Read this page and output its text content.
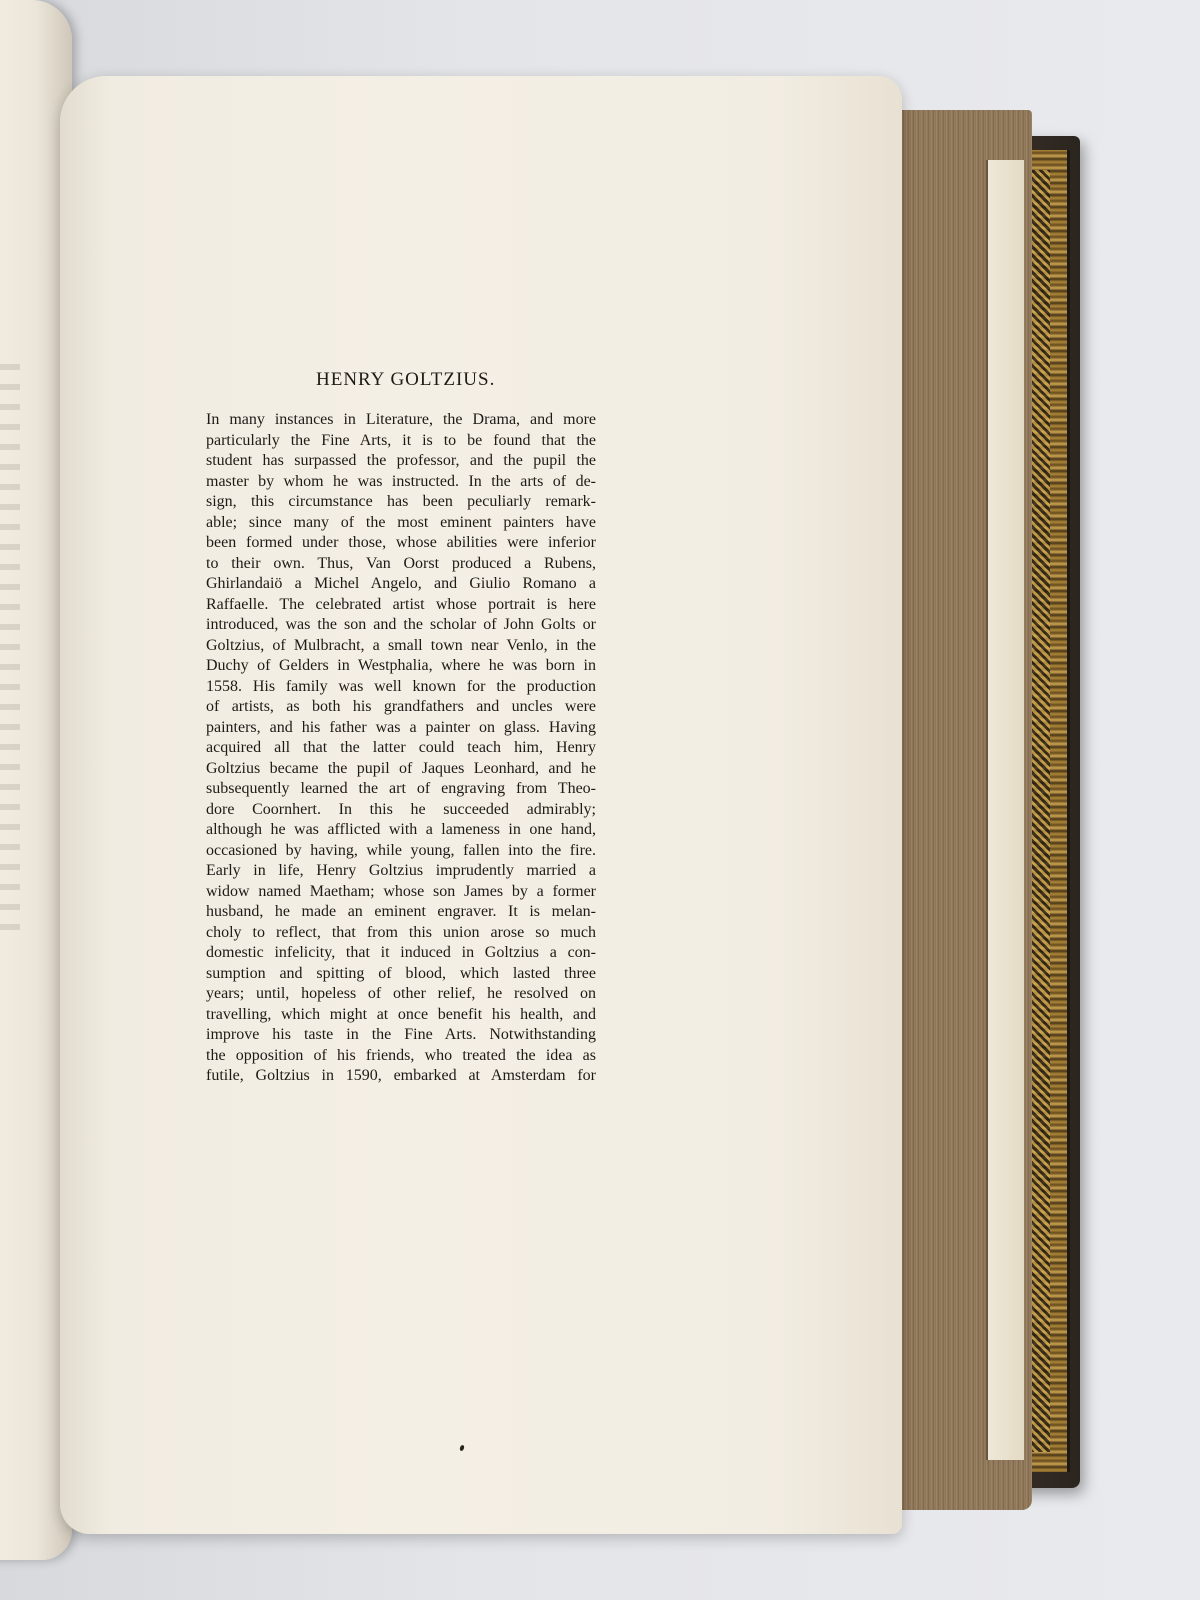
HENRY GOLTZIUS.
In many instances in Literature, the Drama, and more
particularly the Fine Arts, it is to be found that the
student has surpassed the professor, and the pupil the
master by whom he was instructed. In the arts of de-
sign, this circumstance has been peculiarly remark-
able; since many of the most eminent painters have
been formed under those, whose abilities were inferior
to their own. Thus, Van Oorst produced a Rubens,
Ghirlandaiö a Michel Angelo, and Giulio Romano a
Raffaelle. The celebrated artist whose portrait is here
introduced, was the son and the scholar of John Golts or
Goltzius, of Mulbracht, a small town near Venlo, in the
Duchy of Gelders in Westphalia, where he was born in
1558. His family was well known for the production
of artists, as both his grandfathers and uncles were
painters, and his father was a painter on glass. Having
acquired all that the latter could teach him, Henry
Goltzius became the pupil of Jaques Leonhard, and he
subsequently learned the art of engraving from Theo-
dore Coornhert. In this he succeeded admirably;
although he was afflicted with a lameness in one hand,
occasioned by having, while young, fallen into the fire.
Early in life, Henry Goltzius imprudently married a
widow named Maetham; whose son James by a former
husband, he made an eminent engraver. It is melan-
choly to reflect, that from this union arose so much
domestic infelicity, that it induced in Goltzius a con-
sumption and spitting of blood, which lasted three
years; until, hopeless of other relief, he resolved on
travelling, which might at once benefit his health, and
improve his taste in the Fine Arts. Notwithstanding
the opposition of his friends, who treated the idea as
futile, Goltzius in 1590, embarked at Amsterdam for
